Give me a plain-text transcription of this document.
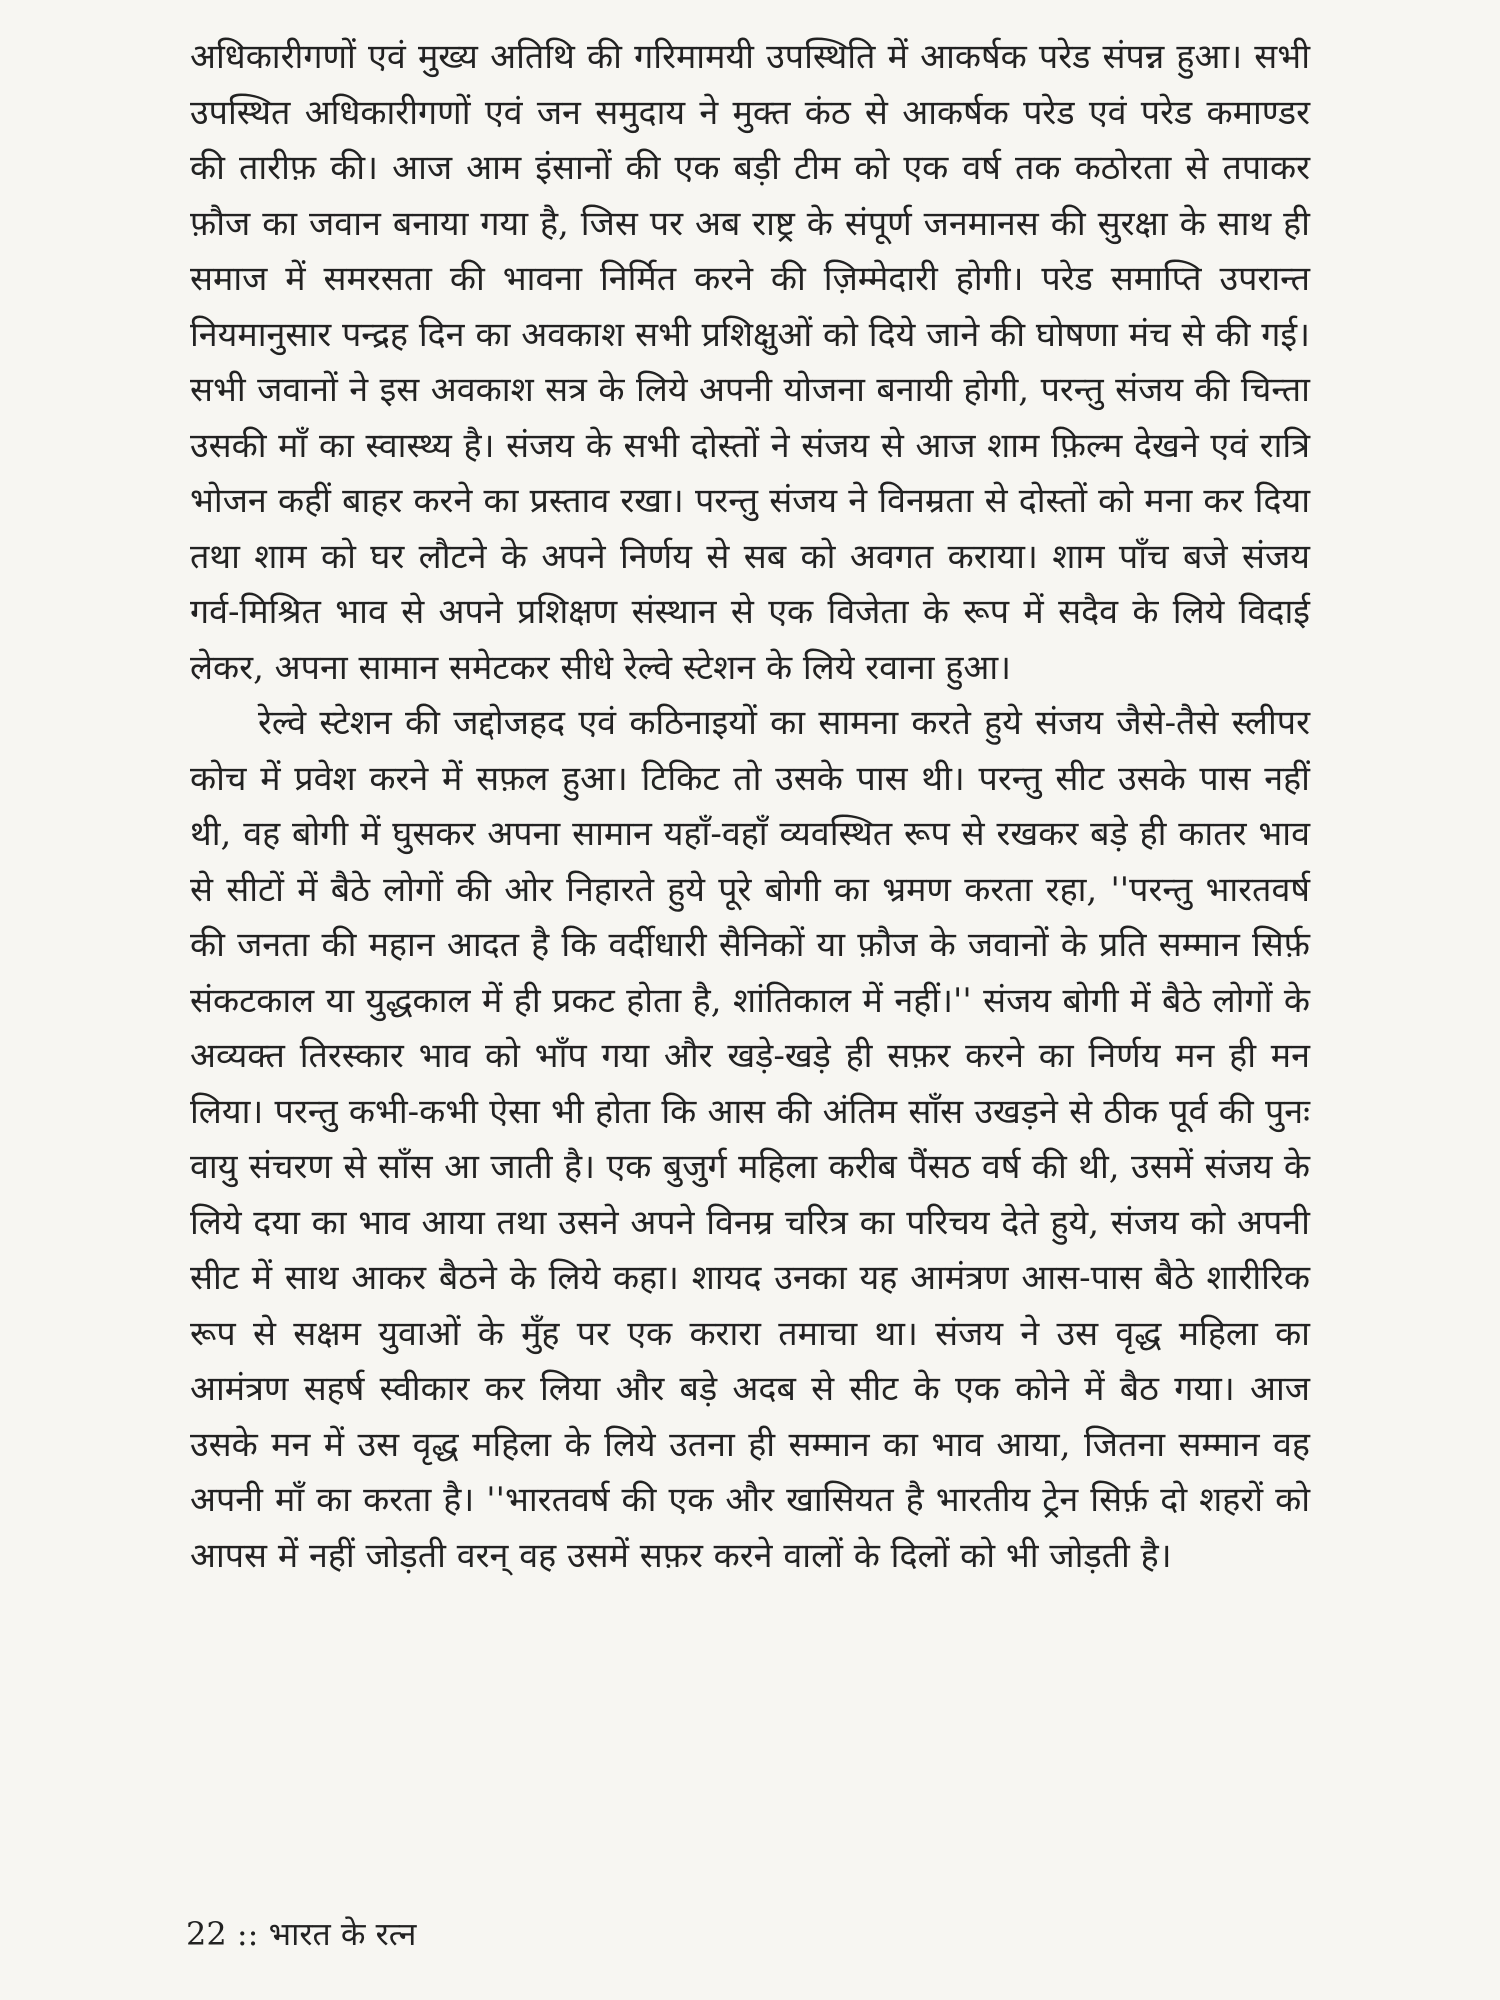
अधिकारीगणों एवं मुख्य अतिथि की गरिमामयी उपस्थिति में आकर्षक परेड संपन्न हुआ। सभी उपस्थित अधिकारीगणों एवं जन समुदाय ने मुक्त कंठ से आकर्षक परेड एवं परेड कमाण्डर की तारीफ़ की। आज आम इंसानों की एक बड़ी टीम को एक वर्ष तक कठोरता से तपाकर फ़ौज का जवान बनाया गया है, जिस पर अब राष्ट्र के संपूर्ण जनमानस की सुरक्षा के साथ ही समाज में समरसता की भावना निर्मित करने की ज़िम्मेदारी होगी। परेड समाप्ति उपरान्त नियमानुसार पन्द्रह दिन का अवकाश सभी प्रशिक्षुओं को दिये जाने की घोषणा मंच से की गई। सभी जवानों ने इस अवकाश सत्र के लिये अपनी योजना बनायी होगी, परन्तु संजय की चिन्ता उसकी माँ का स्वास्थ्य है। संजय के सभी दोस्तों ने संजय से आज शाम फ़िल्म देखने एवं रात्रि भोजन कहीं बाहर करने का प्रस्ताव रखा। परन्तु संजय ने विनम्रता से दोस्तों को मना कर दिया तथा शाम को घर लौटने के अपने निर्णय से सब को अवगत कराया। शाम पाँच बजे संजय गर्व-मिश्रित भाव से अपने प्रशिक्षण संस्थान से एक विजेता के रूप में सदैव के लिये विदाई लेकर, अपना सामान समेटकर सीधे रेल्वे स्टेशन के लिये रवाना हुआ।

रेल्वे स्टेशन की जद्दोजहद एवं कठिनाइयों का सामना करते हुये संजय जैसे-तैसे स्लीपर कोच में प्रवेश करने में सफ़ल हुआ। टिकिट तो उसके पास थी। परन्तु सीट उसके पास नहीं थी, वह बोगी में घुसकर अपना सामान यहाँ-वहाँ व्यवस्थित रूप से रखकर बड़े ही कातर भाव से सीटों में बैठे लोगों की ओर निहारते हुये पूरे बोगी का भ्रमण करता रहा, ''परन्तु भारतवर्ष की जनता की महान आदत है कि वर्दीधारी सैनिकों या फ़ौज के जवानों के प्रति सम्मान सिर्फ़ संकटकाल या युद्धकाल में ही प्रकट होता है, शांतिकाल में नहीं।'' संजय बोगी में बैठे लोगों के अव्यक्त तिरस्कार भाव को भाँप गया और खड़े-खड़े ही सफ़र करने का निर्णय मन ही मन लिया। परन्तु कभी-कभी ऐसा भी होता कि आस की अंतिम साँस उखड़ने से ठीक पूर्व की पुनः वायु संचरण से साँस आ जाती है। एक बुजुर्ग महिला करीब पैंसठ वर्ष की थी, उसमें संजय के लिये दया का भाव आया तथा उसने अपने विनम्र चरित्र का परिचय देते हुये, संजय को अपनी सीट में साथ आकर बैठने के लिये कहा। शायद उनका यह आमंत्रण आस-पास बैठे शारीरिक रूप से सक्षम युवाओं के मुँह पर एक करारा तमाचा था। संजय ने उस वृद्ध महिला का आमंत्रण सहर्ष स्वीकार कर लिया और बड़े अदब से सीट के एक कोने में बैठ गया। आज उसके मन में उस वृद्ध महिला के लिये उतना ही सम्मान का भाव आया, जितना सम्मान वह अपनी माँ का करता है। ''भारतवर्ष की एक और खासियत है भारतीय ट्रेन सिर्फ़ दो शहरों को आपस में नहीं जोड़ती वरन् वह उसमें सफ़र करने वालों के दिलों को भी जोड़ती है।

22 :: भारत के रत्न
